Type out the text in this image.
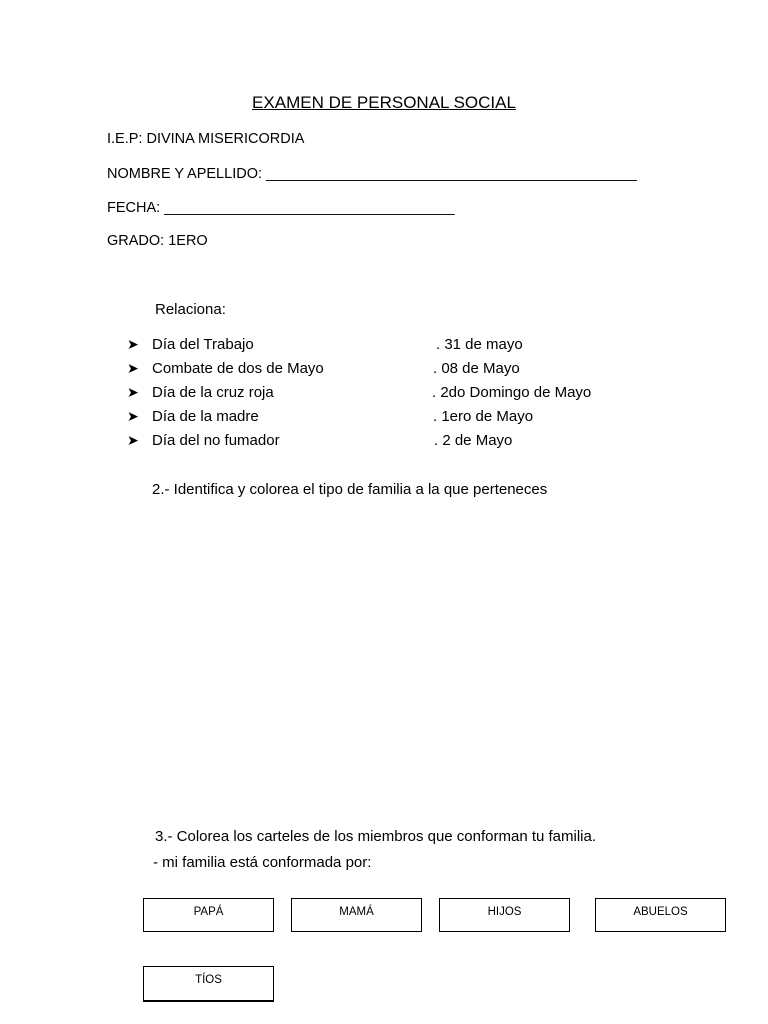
EXAMEN DE PERSONAL SOCIAL
I.E.P: DIVINA MISERICORDIA
NOMBRE Y APELLIDO: ______________________________________________
FECHA: ____________________________________
GRADO: 1ERO
Relaciona:
➤ Día del Trabajo	. 31 de mayo
➤ Combate de dos de Mayo	. 08 de Mayo
➤ Día de la cruz roja	. 2do Domingo de Mayo
➤ Día de la madre	. 1ero de Mayo
➤ Día del no fumador	. 2 de Mayo
2.- Identifica y colorea el tipo de familia a la que perteneces
3.- Colorea los carteles de los miembros que conforman tu familia.
- mi familia está conformada por:
PAPÁ	MAMÁ	HIJOS	ABUELOS
TÍOS
